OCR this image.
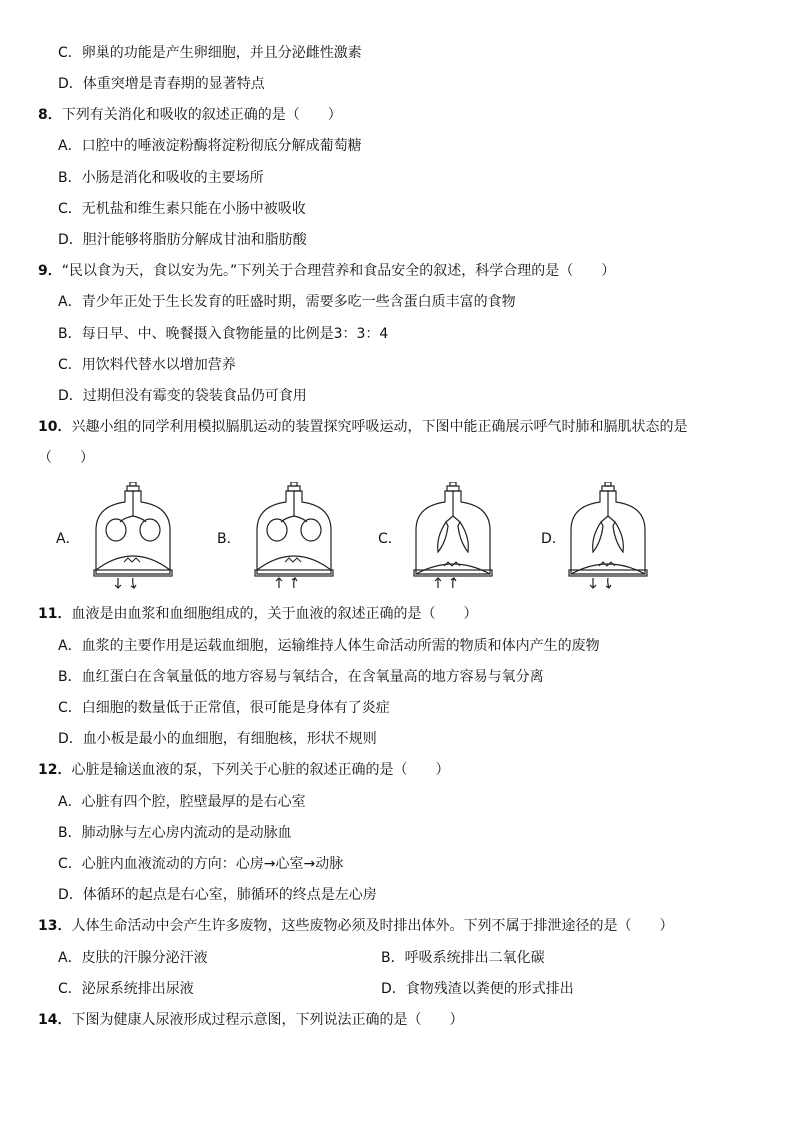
C．卵巢的功能是产生卵细胞，并且分泌雌性激素
D．体重突增是青春期的显著特点
8．下列有关消化和吸收的叙述正确的是（　　）
A．口腔中的唾液淀粉酶将淀粉彻底分解成葡萄糖
B．小肠是消化和吸收的主要场所
C．无机盐和维生素只能在小肠中被吸收
D．胆汁能够将脂肪分解成甘油和脂肪酸
9．“民以食为天，食以安为先。”下列关于合理营养和食品安全的叙述，科学合理的是（　　）
A．青少年正处于生长发育的旺盛时期，需要多吃一些含蛋白质丰富的食物
B．每日早、中、晚餐摄入食物能量的比例是3：3：4
C．用饮料代替水以增加营养
D．过期但没有霉变的袋装食品仍可食用
10．兴趣小组的同学利用模拟膈肌运动的装置探究呼吸运动，下图中能正确展示呼气时肺和膈肌状态的是
（　　）
A．	B．	C．	D．
11．血液是由血浆和血细胞组成的，关于血液的叙述正确的是（　　）
A．血浆的主要作用是运载血细胞，运输维持人体生命活动所需的物质和体内产生的废物
B．血红蛋白在含氧量低的地方容易与氧结合，在含氧量高的地方容易与氧分离
C．白细胞的数量低于正常值，很可能是身体有了炎症
D．血小板是最小的血细胞，有细胞核，形状不规则
12．心脏是输送血液的泵，下列关于心脏的叙述正确的是（　　）
A．心脏有四个腔，腔壁最厚的是右心室
B．肺动脉与左心房内流动的是动脉血
C．心脏内血液流动的方向：心房→心室→动脉
D．体循环的起点是右心室，肺循环的终点是左心房
13．人体生命活动中会产生许多废物，这些废物必须及时排出体外。下列不属于排泄途径的是（　　）
A．皮肤的汗腺分泌汗液	B．呼吸系统排出二氧化碳
C．泌尿系统排出尿液	D．食物残渣以粪便的形式排出
14．下图为健康人尿液形成过程示意图，下列说法正确的是（　　）
